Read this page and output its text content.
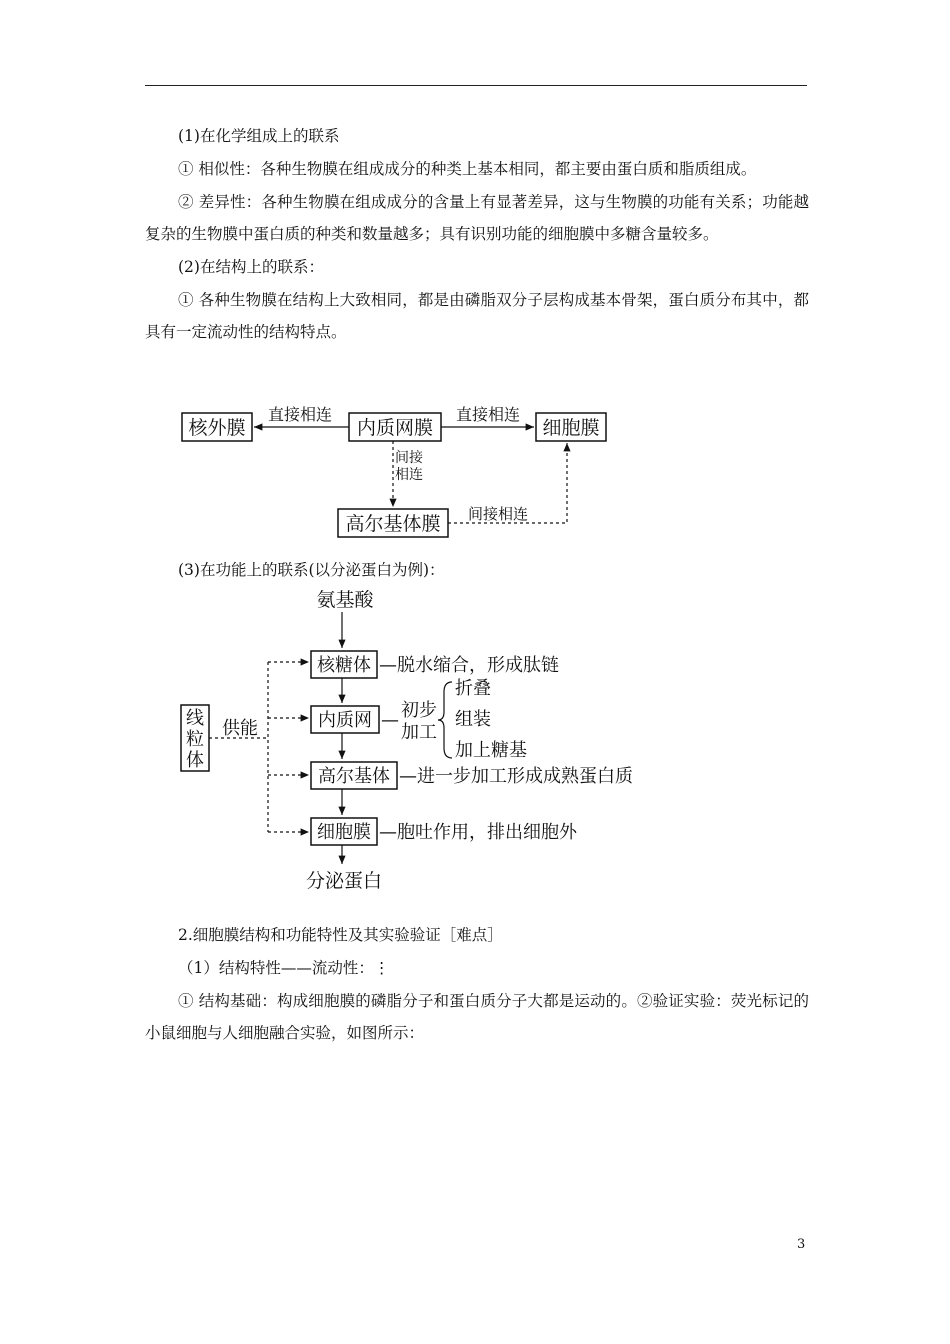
(1)在化学组成上的联系

① 相似性：各种生物膜在组成成分的种类上基本相同，都主要由蛋白质和脂质组成。

② 差异性：各种生物膜在组成成分的含量上有显著差异，这与生物膜的功能有关系；功能越复杂的生物膜中蛋白质的种类和数量越多；具有识别功能的细胞膜中多糖含量较多。

(2)在结构上的联系：

① 各种生物膜在结构上大致相同，都是由磷脂双分子层构成基本骨架，蛋白质分布其中，都具有一定流动性的结构特点。

核外膜	内质网膜	细胞膜
高尔基体膜
直接相连	直接相连
间接
相连
间接相连

(3)在功能上的联系(以分泌蛋白为例)：

氨基酸
核糖体 —脱水缩合，形成肽链
内质网 — 初步
加工
折叠
组装
加上糖基
高尔基体 —进一步加工形成成熟蛋白质
细胞膜 —胞吐作用，排出细胞外
分泌蛋白
线
粒
体
供能

2.细胞膜结构和功能特性及其实验验证［难点］

（1）结构特性——流动性：⋮

① 结构基础：构成细胞膜的磷脂分子和蛋白质分子大都是运动的。②验证实验：荧光标记的小鼠细胞与人细胞融合实验，如图所示：

3
